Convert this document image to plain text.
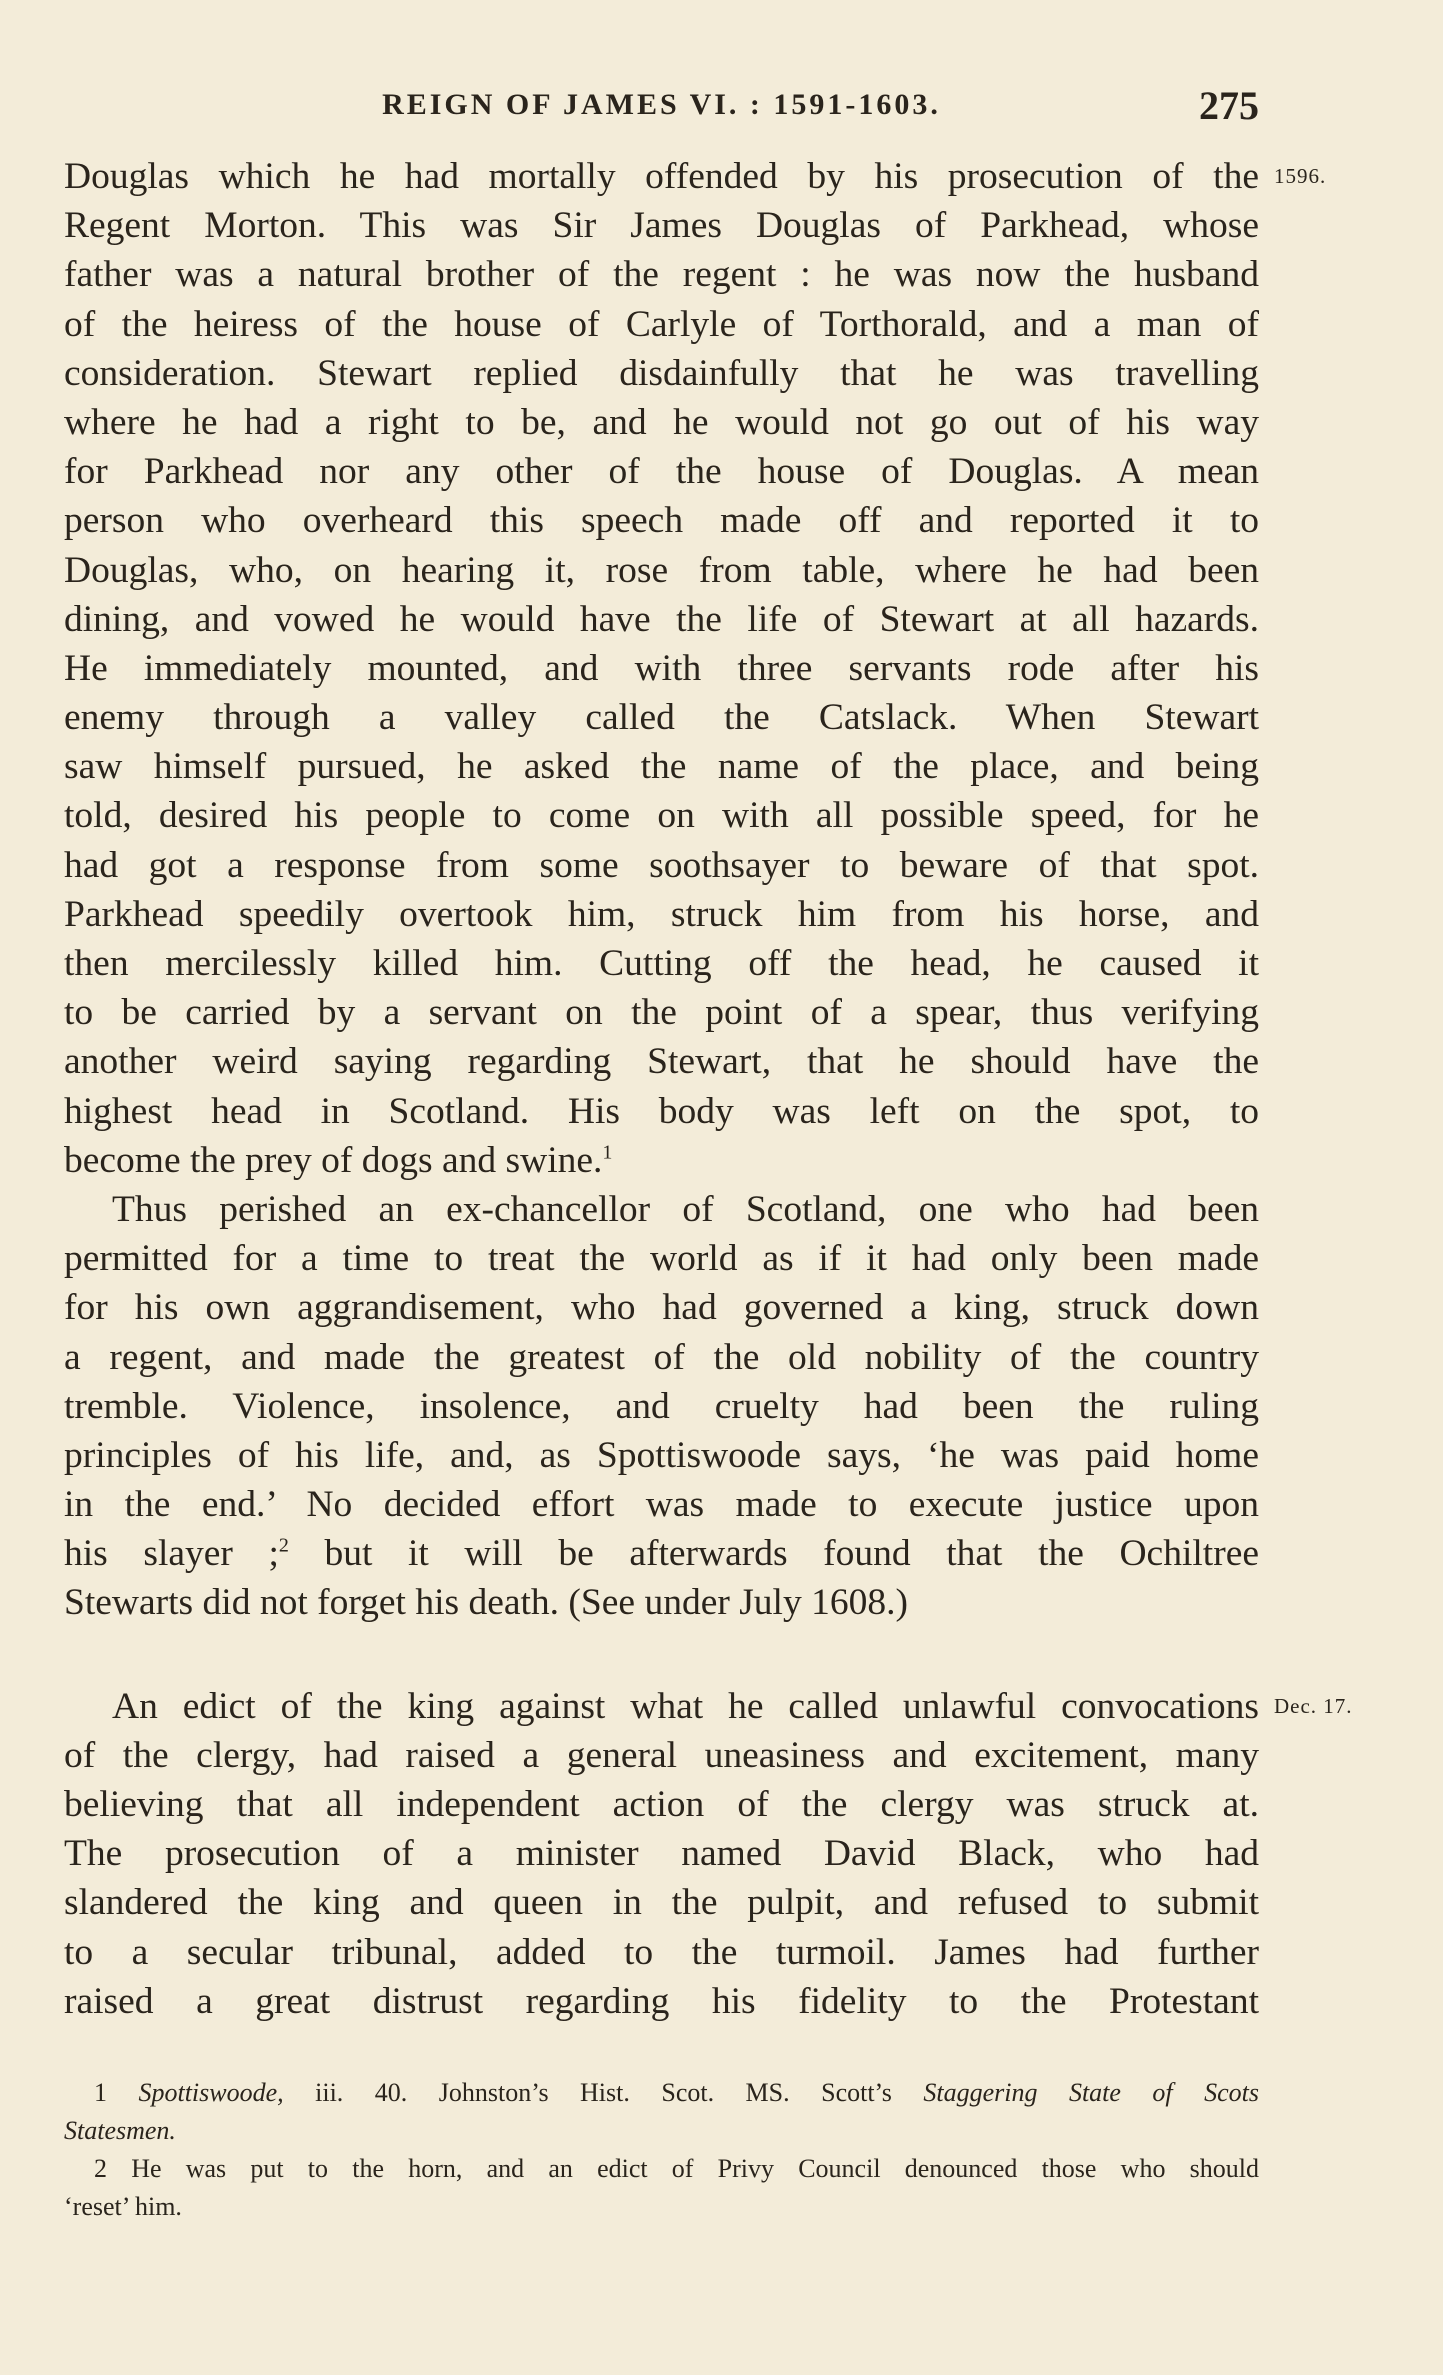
REIGN OF JAMES VI. : 1591-1603.	275
Douglas which he had mortally offended by his prosecution of the 1596.
Regent Morton. This was Sir James Douglas of Parkhead, whose
father was a natural brother of the regent : he was now the husband
of the heiress of the house of Carlyle of Torthorald, and a man of
consideration. Stewart replied disdainfully that he was travelling
where he had a right to be, and he would not go out of his way
for Parkhead nor any other of the house of Douglas. A mean
person who overheard this speech made off and reported it to
Douglas, who, on hearing it, rose from table, where he had been
dining, and vowed he would have the life of Stewart at all hazards.
He immediately mounted, and with three servants rode after his
enemy through a valley called the Catslack. When Stewart
saw himself pursued, he asked the name of the place, and being
told, desired his people to come on with all possible speed, for he
had got a response from some soothsayer to beware of that spot.
Parkhead speedily overtook him, struck him from his horse, and
then mercilessly killed him. Cutting off the head, he caused it
to be carried by a servant on the point of a spear, thus verifying
another weird saying regarding Stewart, that he should have the
highest head in Scotland. His body was left on the spot, to
become the prey of dogs and swine.$^1$
Thus perished an ex-chancellor of Scotland, one who had been
permitted for a time to treat the world as if it had only been made
for his own aggrandisement, who had governed a king, struck down
a regent, and made the greatest of the old nobility of the country
tremble. Violence, insolence, and cruelty had been the ruling
principles of his life, and, as Spottiswoode says, ‘he was paid home
in the end.’ No decided effort was made to execute justice upon
his slayer ;$^2$ but it will be afterwards found that the Ochiltree
Stewarts did not forget his death. (See under July 1608.)
An edict of the king against what he called unlawful convocations Dec. 17.
of the clergy, had raised a general uneasiness and excitement, many
believing that all independent action of the clergy was struck at.
The prosecution of a minister named David Black, who had
slandered the king and queen in the pulpit, and refused to submit
to a secular tribunal, added to the turmoil. James had further
raised a great distrust regarding his fidelity to the Protestant
1 Spottiswoode, iii. 40. Johnston’s Hist. Scot. MS. Scott’s Staggering State of Scots
Statesmen.
2 He was put to the horn, and an edict of Privy Council denounced those who should
‘reset’ him.
